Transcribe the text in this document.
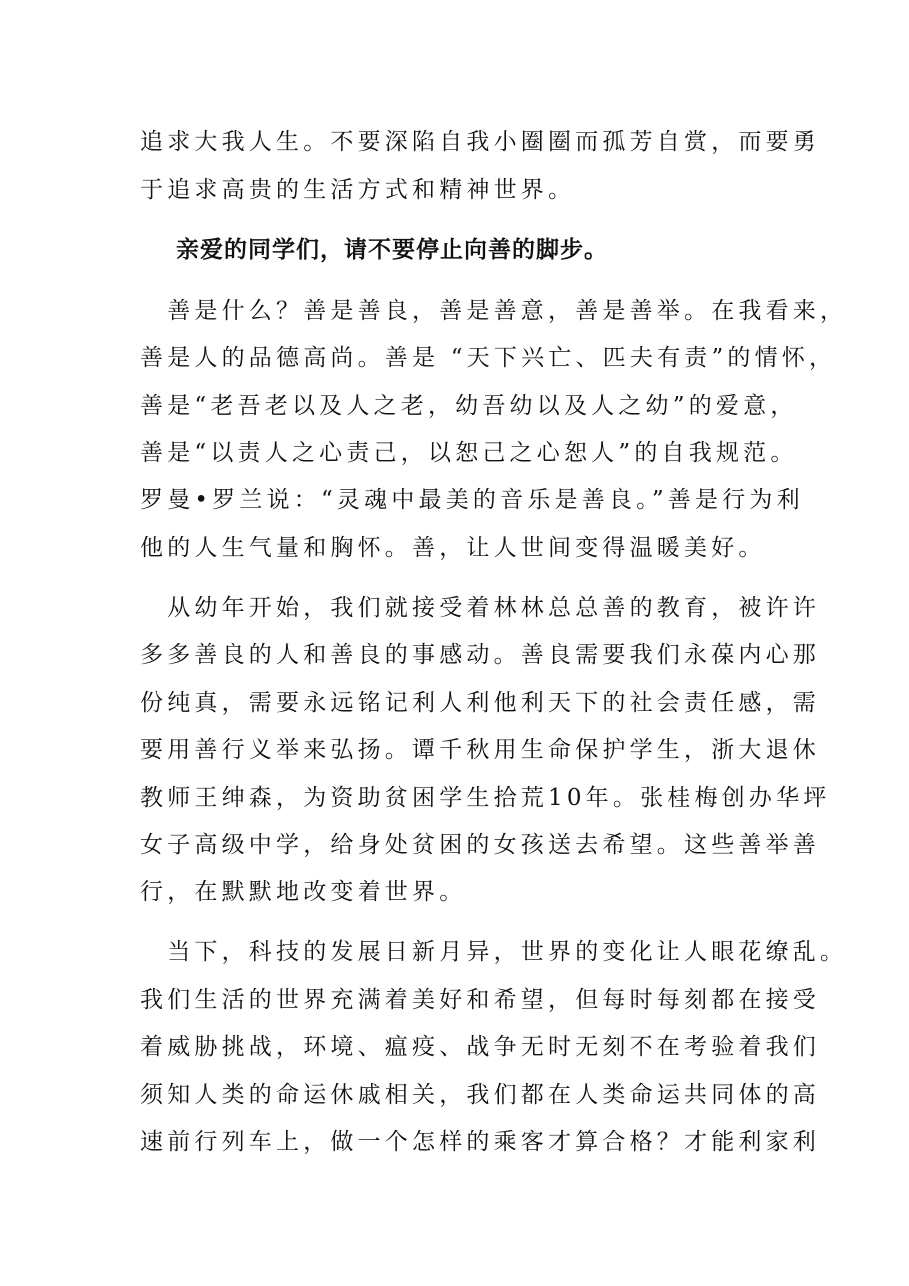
追求大我人生。不要深陷自我小圈圈而孤芳自赏，而要勇
于追求高贵的生活方式和精神世界。
亲爱的同学们，请不要停止向善的脚步。
　善是什么？善是善良，善是善意，善是善举。在我看来，
善是人的品德高尚。善是 “天下兴亡、匹夫有责”的情怀，
善是“老吾老以及人之老，幼吾幼以及人之幼”的爱意，
善是“以责人之心责己，以恕己之心恕人”的自我规范。
罗曼•罗兰说：“灵魂中最美的音乐是善良。”善是行为利
他的人生气量和胸怀。善，让人世间变得温暖美好。
　从幼年开始，我们就接受着林林总总善的教育，被许许
多多善良的人和善良的事感动。善良需要我们永葆内心那
份纯真，需要永远铭记利人利他利天下的社会责任感，需
要用善行义举来弘扬。谭千秋用生命保护学生，浙大退休
教师王绅森，为资助贫困学生拾荒10年。张桂梅创办华坪
女子高级中学，给身处贫困的女孩送去希望。这些善举善
行，在默默地改变着世界。
　当下，科技的发展日新月异，世界的变化让人眼花缭乱。
我们生活的世界充满着美好和希望，但每时每刻都在接受
着威胁挑战，环境、瘟疫、战争无时无刻不在考验着我们
须知人类的命运休戚相关，我们都在人类命运共同体的高
速前行列车上，做一个怎样的乘客才算合格？才能利家利
